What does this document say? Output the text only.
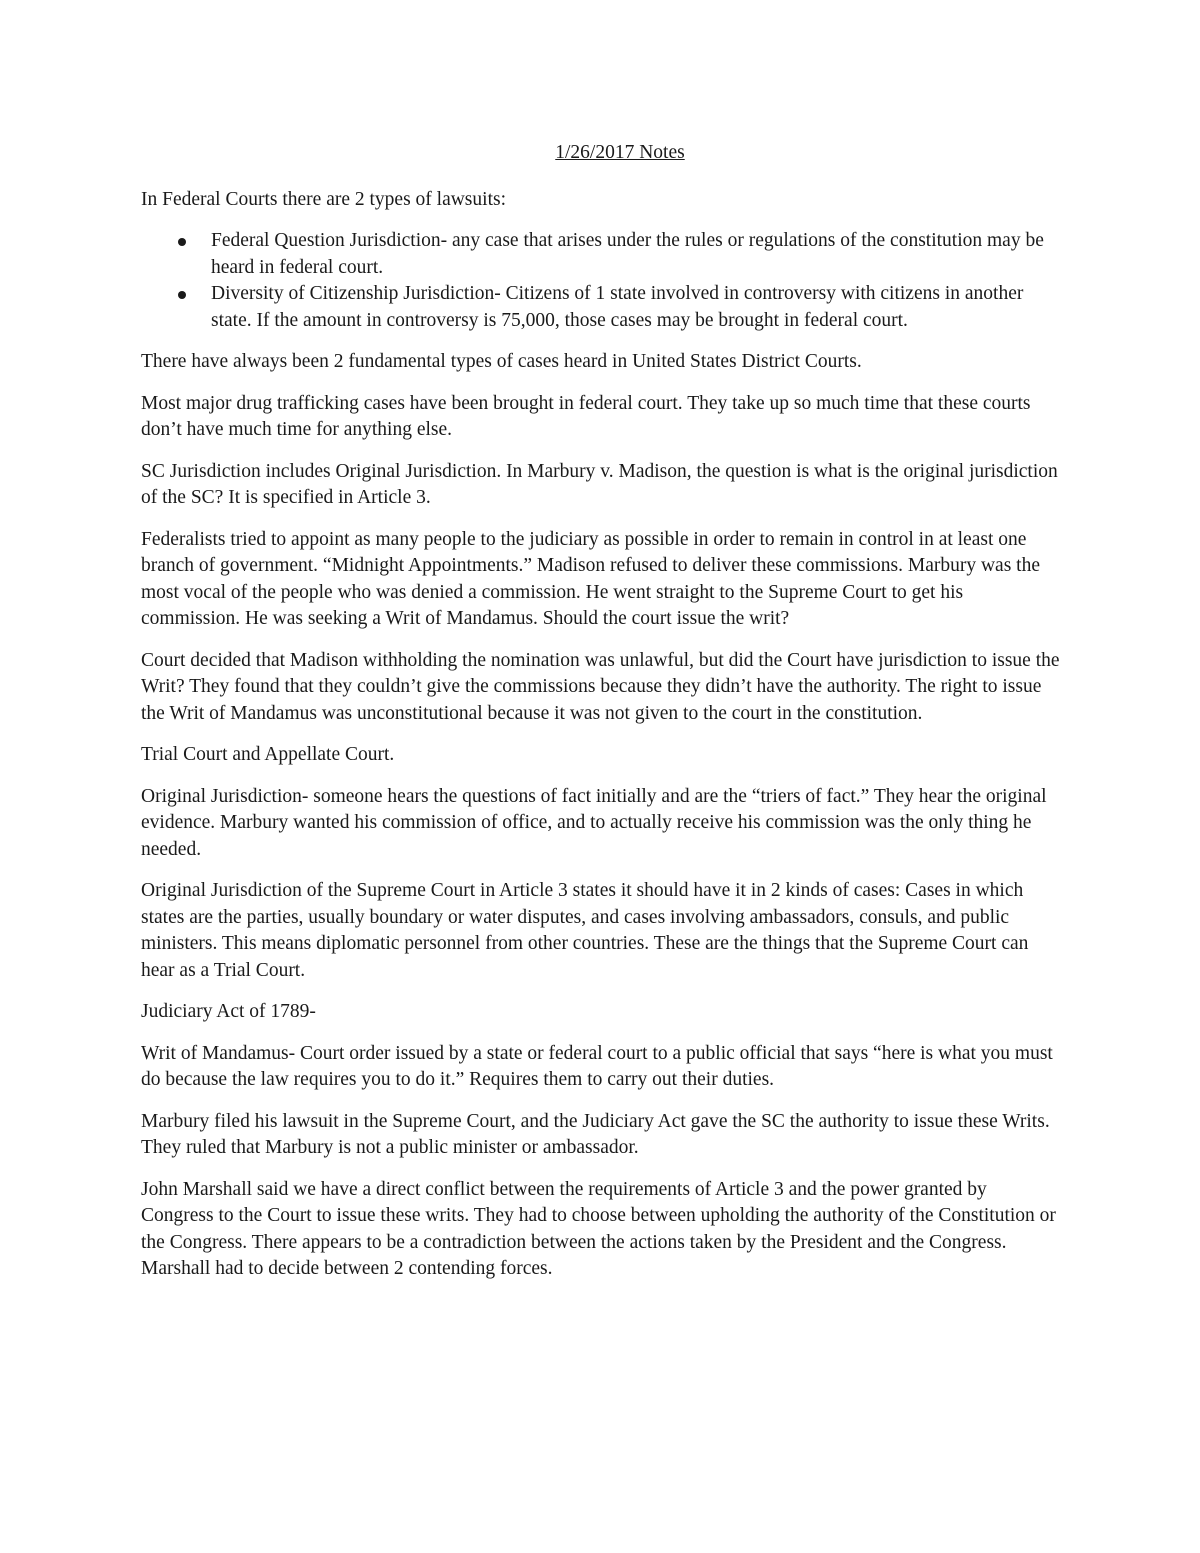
1/26/2017 Notes

In Federal Courts there are 2 types of lawsuits:

Federal Question Jurisdiction- any case that arises under the rules or regulations of the constitution may be heard in federal court.
Diversity of Citizenship Jurisdiction- Citizens of 1 state involved in controversy with citizens in another state. If the amount in controversy is 75,000, those cases may be brought in federal court.

There have always been 2 fundamental types of cases heard in United States District Courts.

Most major drug trafficking cases have been brought in federal court. They take up so much time that these courts don’t have much time for anything else.

SC Jurisdiction includes Original Jurisdiction. In Marbury v. Madison, the question is what is the original jurisdiction of the SC? It is specified in Article 3.

Federalists tried to appoint as many people to the judiciary as possible in order to remain in control in at least one branch of government. “Midnight Appointments.” Madison refused to deliver these commissions. Marbury was the most vocal of the people who was denied a commission. He went straight to the Supreme Court to get his commission. He was seeking a Writ of Mandamus. Should the court issue the writ?

Court decided that Madison withholding the nomination was unlawful, but did the Court have jurisdiction to issue the Writ? They found that they couldn’t give the commissions because they didn’t have the authority. The right to issue the Writ of Mandamus was unconstitutional because it was not given to the court in the constitution.

Trial Court and Appellate Court.

Original Jurisdiction- someone hears the questions of fact initially and are the “triers of fact.” They hear the original evidence. Marbury wanted his commission of office, and to actually receive his commission was the only thing he needed.

Original Jurisdiction of the Supreme Court in Article 3 states it should have it in 2 kinds of cases: Cases in which states are the parties, usually boundary or water disputes, and cases involving ambassadors, consuls, and public ministers. This means diplomatic personnel from other countries. These are the things that the Supreme Court can hear as a Trial Court.

Judiciary Act of 1789-

Writ of Mandamus- Court order issued by a state or federal court to a public official that says “here is what you must do because the law requires you to do it.” Requires them to carry out their duties.

Marbury filed his lawsuit in the Supreme Court, and the Judiciary Act gave the SC the authority to issue these Writs. They ruled that Marbury is not a public minister or ambassador.

John Marshall said we have a direct conflict between the requirements of Article 3 and the power granted by Congress to the Court to issue these writs. They had to choose between upholding the authority of the Constitution or the Congress. There appears to be a contradiction between the actions taken by the President and the Congress. Marshall had to decide between 2 contending forces.
